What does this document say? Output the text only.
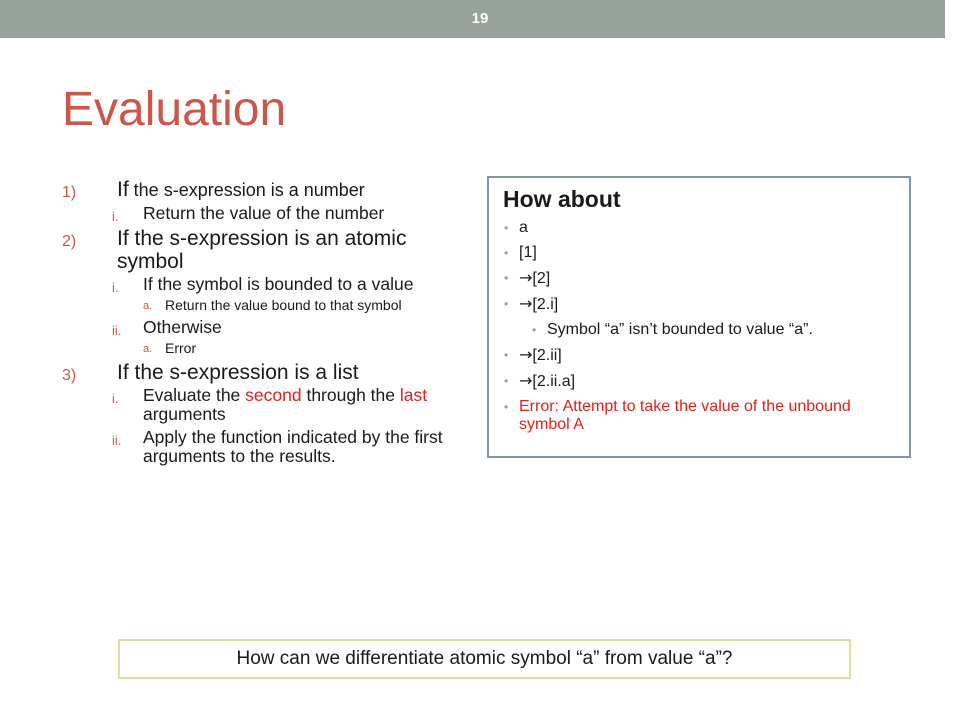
19
Evaluation
1) If the s-expression is a number
i. Return the value of the number
2) If the s-expression is an atomic symbol
i. If the symbol is bounded to a value
a. Return the value bound to that symbol
ii. Otherwise
a. Error
3) If the s-expression is a list
i. Evaluate the second through the last arguments
ii. Apply the function indicated by the first arguments to the results.
How about
• a
• [1]
• →[2]
• →[2.i]
• Symbol “a” isn’t bounded to value “a”.
• →[2.ii]
• →[2.ii.a]
• Error: Attempt to take the value of the unbound symbol A
How can we differentiate atomic symbol “a” from value “a”?
